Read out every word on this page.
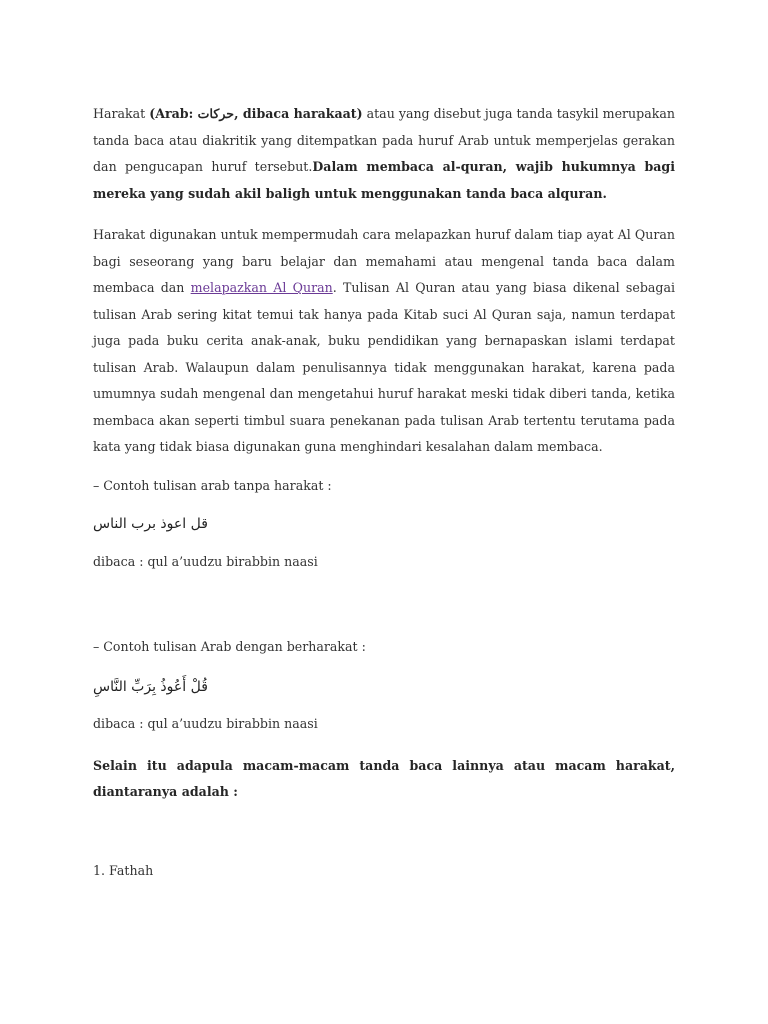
Harakat (Arab: حركات, dibaca harakaat) atau yang disebut juga tanda tasykil merupakan tanda baca atau diakritik yang ditempatkan pada huruf Arab untuk memperjelas gerakan dan pengucapan huruf tersebut.Dalam membaca al-quran, wajib hukumnya bagi mereka yang sudah akil baligh untuk menggunakan tanda baca alquran.

Harakat digunakan untuk mempermudah cara melapazkan huruf dalam tiap ayat Al Quran bagi seseorang yang baru belajar dan memahami atau mengenal tanda baca dalam membaca dan melapazkan Al Quran. Tulisan Al Quran atau yang biasa dikenal sebagai tulisan Arab sering kitat temui tak hanya pada Kitab suci Al Quran saja, namun terdapat juga pada buku cerita anak-anak, buku pendidikan yang bernapaskan islami terdapat tulisan Arab. Walaupun dalam penulisannya tidak menggunakan harakat, karena pada umumnya sudah mengenal dan mengetahui huruf harakat meski tidak diberi tanda, ketika membaca akan seperti timbul suara penekanan pada tulisan Arab tertentu terutama pada kata yang tidak biasa digunakan guna menghindari kesalahan dalam membaca.

– Contoh tulisan arab tanpa harakat :

قل اعوذ برب الناس

dibaca : qul a’uudzu birabbin naasi

– Contoh tulisan Arab dengan berharakat :

قُلْ أَعُوذُ بِرَبِّ النَّاسِ

dibaca : qul a’uudzu birabbin naasi

Selain itu adapula macam-macam tanda baca lainnya atau macam harakat, diantaranya adalah :

1. Fathah
